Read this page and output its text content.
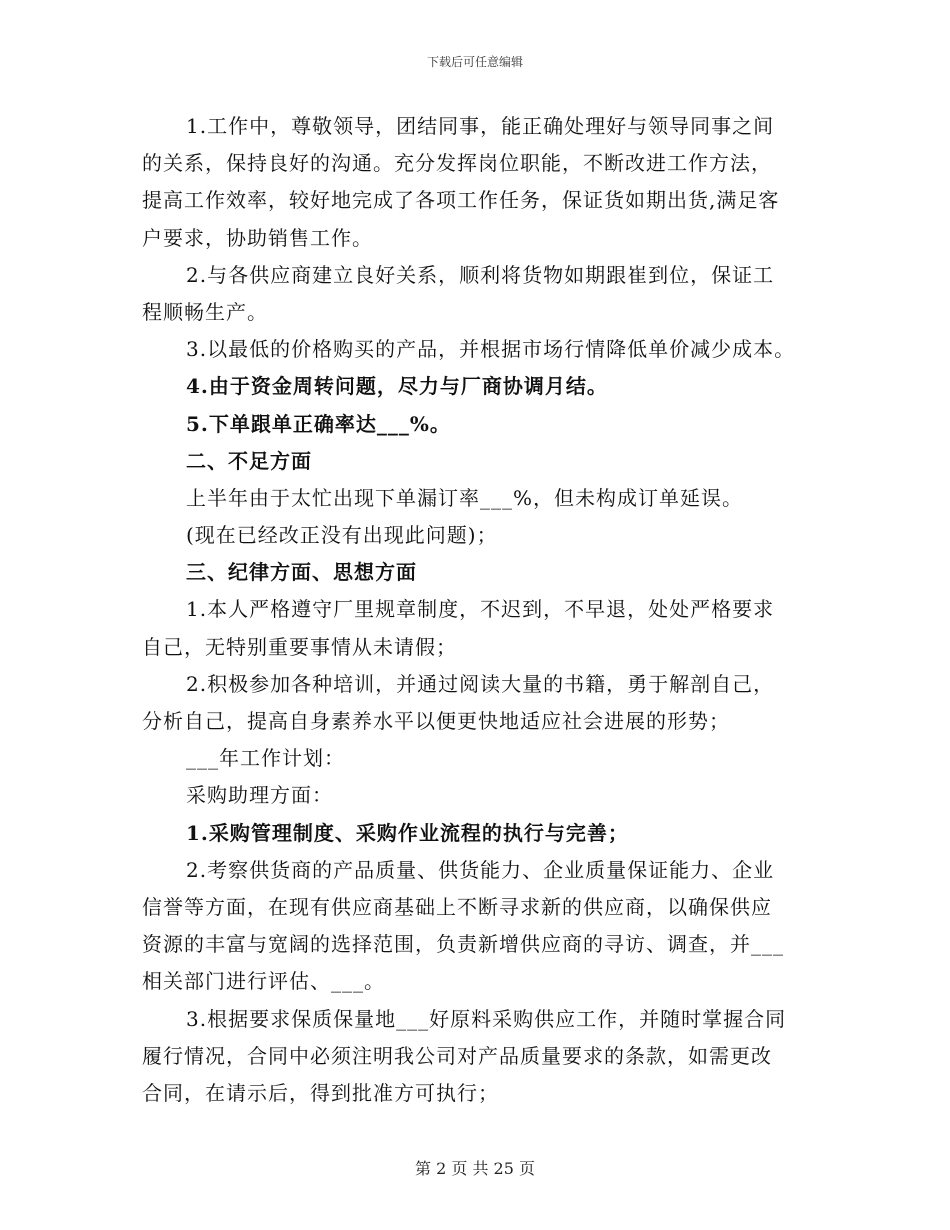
下载后可任意编辑
1.工作中，尊敬领导，团结同事，能正确处理好与领导同事之间
的关系，保持良好的沟通。充分发挥岗位职能，不断改进工作方法，
提高工作效率，较好地完成了各项工作任务，保证货如期出货,满足客
户要求，协助销售工作。
2.与各供应商建立良好关系，顺利将货物如期跟崔到位，保证工
程顺畅生产。
3.以最低的价格购买的产品，并根据市场行情降低单价减少成本。
4.由于资金周转问题，尽力与厂商协调月结。
5.下单跟单正确率达___%。
二、不足方面
上半年由于太忙出现下单漏订率___%，但未构成订单延误。
(现在已经改正没有出现此问题)；
三、纪律方面、思想方面
1.本人严格遵守厂里规章制度，不迟到，不早退，处处严格要求
自己，无特别重要事情从未请假；
2.积极参加各种培训，并通过阅读大量的书籍，勇于解剖自己，
分析自己，提高自身素养水平以便更快地适应社会进展的形势；
___年工作计划：
采购助理方面：
1.采购管理制度、采购作业流程的执行与完善；
2.考察供货商的产品质量、供货能力、企业质量保证能力、企业
信誉等方面，在现有供应商基础上不断寻求新的供应商，以确保供应
资源的丰富与宽阔的选择范围，负责新增供应商的寻访、调查，并___
相关部门进行评估、___。
3.根据要求保质保量地___好原料采购供应工作，并随时掌握合同
履行情况，合同中必须注明我公司对产品质量要求的条款，如需更改
合同，在请示后，得到批准方可执行；
第 2 页 共 25 页
